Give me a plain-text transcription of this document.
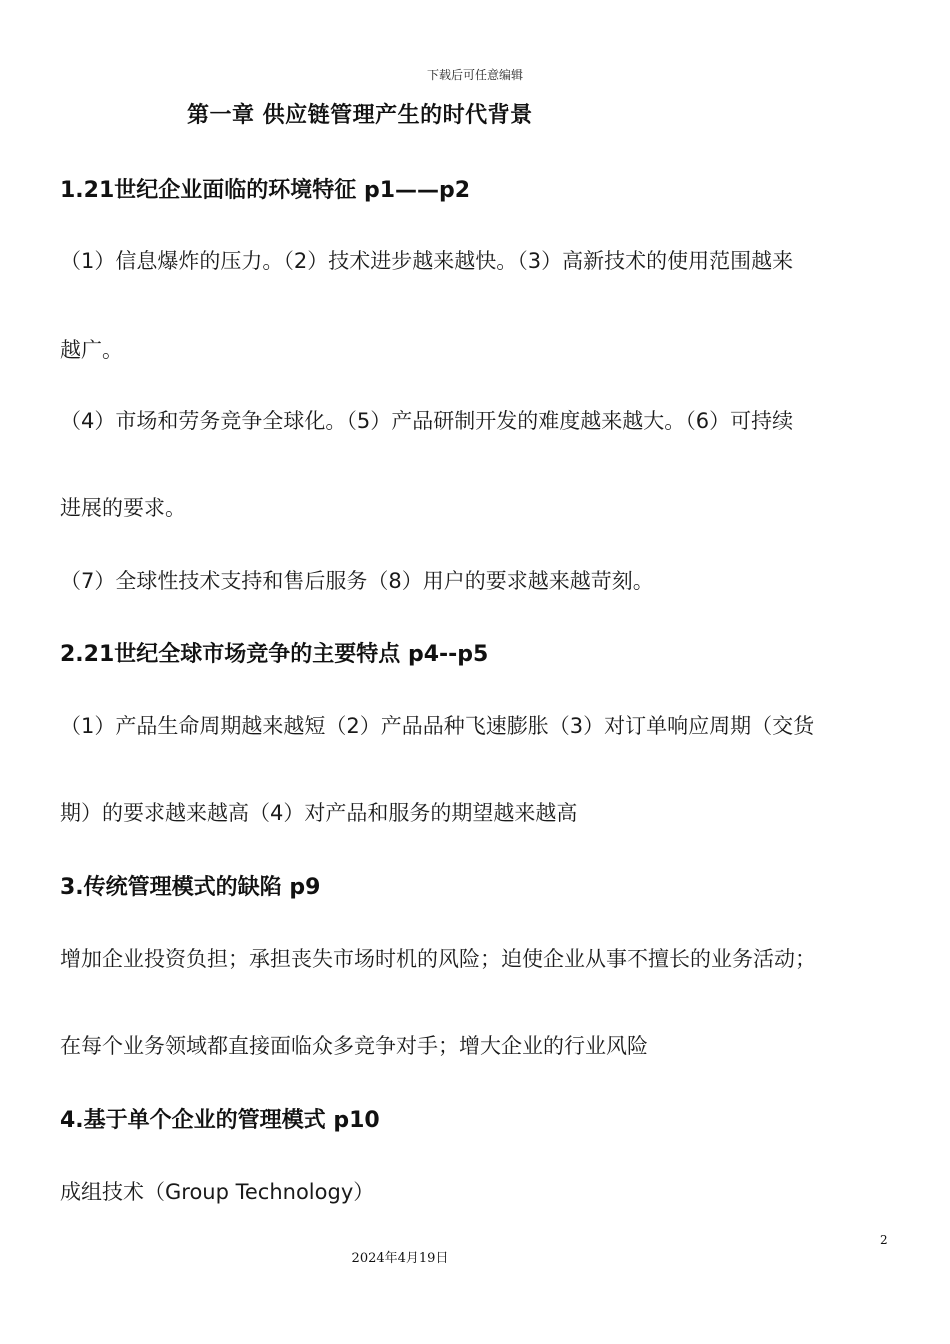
下载后可任意编辑

第一章 供应链管理产生的时代背景
1.21世纪企业面临的环境特征 p1——p2

（1）信息爆炸的压力。（2）技术进步越来越快。（3）高新技术的使用范围越来

越广。

（4）市场和劳务竞争全球化。（5）产品研制开发的难度越来越大。（6）可持续

进展的要求。

（7）全球性技术支持和售后服务（8）用户的要求越来越苛刻。

2.21世纪全球市场竞争的主要特点 p4--p5

（1）产品生命周期越来越短（2）产品品种飞速膨胀（3）对订单响应周期（交货

期）的要求越来越高（4）对产品和服务的期望越来越高

3.传统管理模式的缺陷 p9

增加企业投资负担；承担丧失市场时机的风险；迫使企业从事不擅长的业务活动；

在每个业务领域都直接面临众多竞争对手；增大企业的行业风险

4.基于单个企业的管理模式 p10

成组技术（Group Technology）

2
2024年4月19日
